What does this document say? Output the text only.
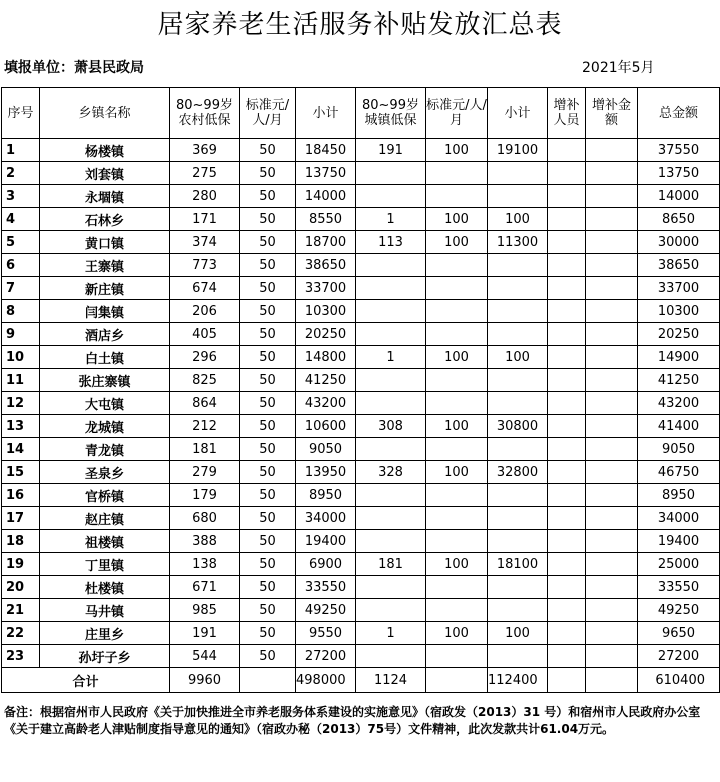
居家养老生活服务补贴发放汇总表
填报单位：萧县民政局	2021年5月
序号	乡镇名称	80~99岁农村低保	标准元/人/月	小计	80~99岁城镇低保	标准元/人/月	小计	增补人员	增补金额	总金额
1	杨楼镇	369	50	18450	191	100	19100			37550
2	刘套镇	275	50	13750						13750
3	永堌镇	280	50	14000						14000
4	石林乡	171	50	8550	1	100	100			8650
5	黄口镇	374	50	18700	113	100	11300			30000
6	王寨镇	773	50	38650						38650
7	新庄镇	674	50	33700						33700
8	闫集镇	206	50	10300						10300
9	酒店乡	405	50	20250						20250
10	白土镇	296	50	14800	1	100	100			14900
11	张庄寨镇	825	50	41250						41250
12	大屯镇	864	50	43200						43200
13	龙城镇	212	50	10600	308	100	30800			41400
14	青龙镇	181	50	9050						9050
15	圣泉乡	279	50	13950	328	100	32800			46750
16	官桥镇	179	50	8950						8950
17	赵庄镇	680	50	34000						34000
18	祖楼镇	388	50	19400						19400
19	丁里镇	138	50	6900	181	100	18100			25000
20	杜楼镇	671	50	33550						33550
21	马井镇	985	50	49250						49250
22	庄里乡	191	50	9550	1	100	100			9650
23	孙圩子乡	544	50	27200						27200
合计		9960		498000	1124		112400			610400
备注：根据宿州市人民政府《关于加快推进全市养老服务体系建设的实施意见》（宿政发（2013）31 号）和宿州市人民政府办公室《关于建立高龄老人津贴制度指导意见的通知》（宿政办秘（2013）75号）文件精神，此次发款共计61.04万元。
